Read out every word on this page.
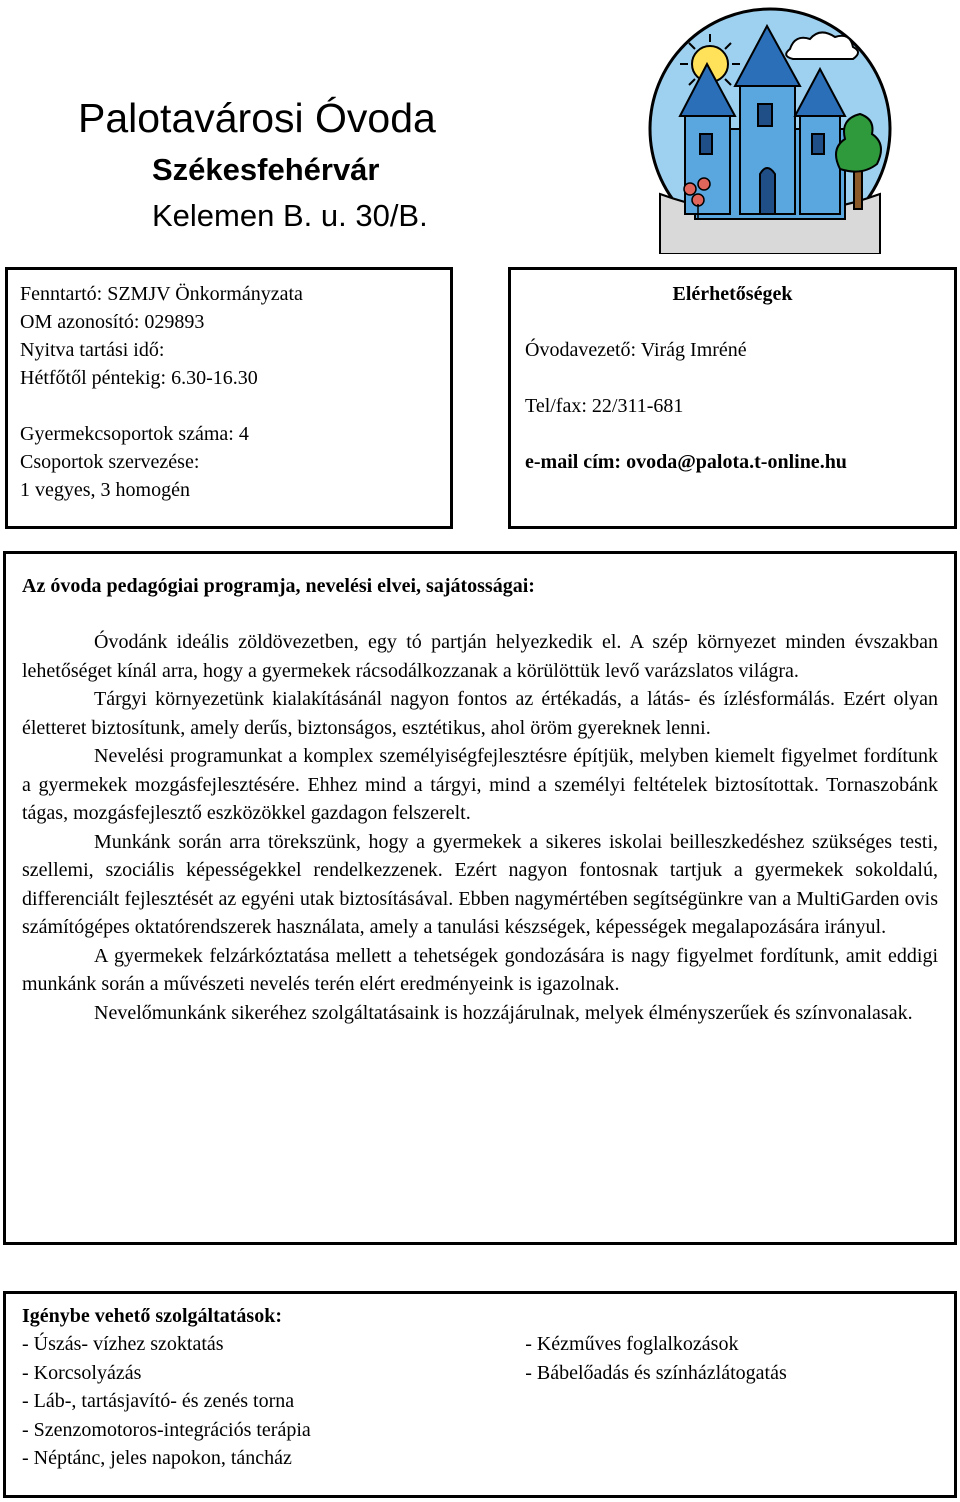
Palotavárosi Óvoda
Székesfehérvár
Kelemen B. u. 30/B.
Fenntartó: SZMJV Önkormányzata
OM azonosító: 029893
Nyitva tartási idő:
Hétfőtől péntekig: 6.30-16.30
Gyermekcsoportok száma: 4
Csoportok szervezése:
1 vegyes, 3 homogén
Elérhetőségek
Óvodavezető: Virág Imréné
Tel/fax: 22/311-681
e-mail cím: ovoda@palota.t-online.hu
Az óvoda pedagógiai programja, nevelési elvei, sajátosságai:

Óvodánk ideális zöldövezetben, egy tó partján helyezkedik el. A szép környezet minden évszakban lehetőséget kínál arra, hogy a gyermekek rácsodálkozzanak a körülöttük levő varázslatos világra.

Tárgyi környezetünk kialakításánál nagyon fontos az értékadás, a látás- és ízlésformálás. Ezért olyan életteret biztosítunk, amely derűs, biztonságos, esztétikus, ahol öröm gyereknek lenni.

Nevelési programunkat a komplex személyiségfejlesztésre építjük, melyben kiemelt figyelmet fordítunk a gyermekek mozgásfejlesztésére. Ehhez mind a tárgyi, mind a személyi feltételek biztosítottak. Tornaszobánk tágas, mozgásfejlesztő eszközökkel gazdagon felszerelt.

Munkánk során arra törekszünk, hogy a gyermekek a sikeres iskolai beilleszkedéshez szükséges testi, szellemi, szociális képességekkel rendelkezzenek. Ezért nagyon fontosnak tartjuk a gyermekek sokoldalú, differenciált fejlesztését az egyéni utak biztosításával. Ebben nagymértében segítségünkre van a MultiGarden ovis számítógépes oktatórendszerek használata, amely a tanulási készségek, képességek megalapozására irányul.

A gyermekek felzárkóztatása mellett a tehetségek gondozására is nagy figyelmet fordítunk, amit eddigi munkánk során a művészeti nevelés terén elért eredményeink is igazolnak.

Nevelőmunkánk sikeréhez szolgáltatásaink is hozzájárulnak, melyek élményszerűek és színvonalasak.

Igénybe vehető szolgáltatások:
- Úszás- vízhez szoktatás
- Korcsolyázás
- Láb-, tartásjavító- és zenés torna
- Szenzomotoros-integrációs terápia
- Néptánc, jeles napokon, táncház
- Kézműves foglalkozások
- Bábelőadás és színházlátogatás
